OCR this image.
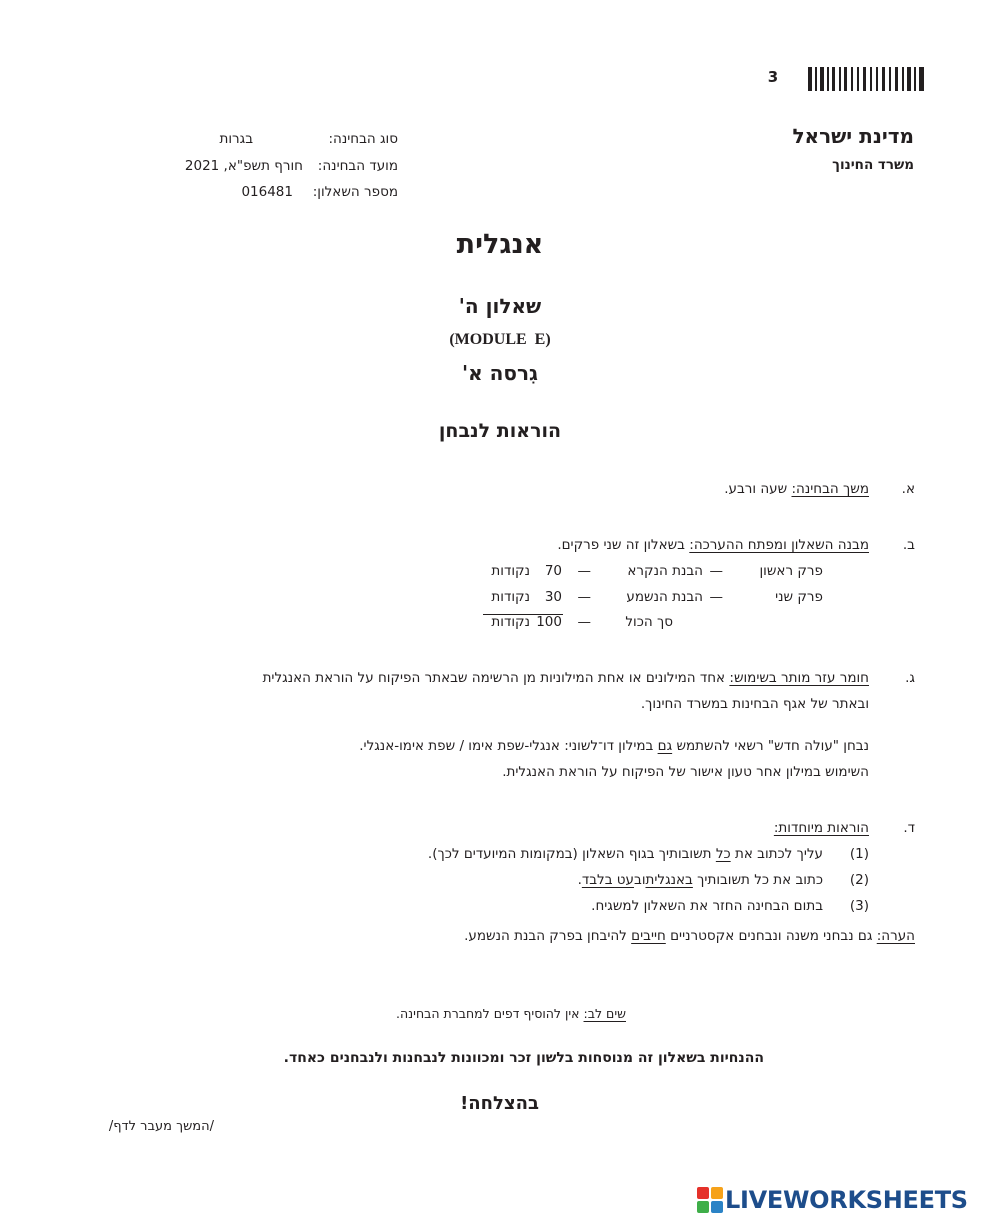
3
מדינת ישראל
משרד החינוך
סוג הבחינה:
בגרות
מועד הבחינה:
חורף תשפ"א, 2021
מספר השאלון:
016481
אנגלית
שאלון ה'
(MODULE  E)
גִרסה א'
הוראות לנבחן
א.
משך הבחינה: שעה ורבע.
ב.
מבנה השאלון ומפתח ההערכה: בשאלון זה שני פרקים.
פרק ראשון
—
הבנת הנקרא
—
70
נקודות
פרק שני
—
הבנת הנשמע
—
30
נקודות
סך הכול
—
100
נקודות
ג.
חומר עזר מותר בשימוש: אחד המילונים או אחת המילוניות מן הרשימה שבאתר הפיקוח על הוראת האנגלית
ובאתר של אגף הבחינות במשרד החינוך.
נבחן "עולה חדש" רשאי להשתמש גם במילון דו־לשוני: אנגלי-שפת אימו / שפת אימו-אנגלי.
השימוש במילון אחר טעון אישור של הפיקוח על הוראת האנגלית.
ד.
הוראות מיוחדות:
(1)
עליך לכתוב את כל תשובותיך בגוף השאלון (במקומות המיועדים לכך).
(2)
כתוב את כל תשובותיך באנגליתובעט בלבד.
(3)
בתום הבחינה החזר את השאלון למשגיח.
הערה: גם נבחני משנה ונבחנים אקסטרניים חייבים להיבחן בפרק הבנת הנשמע.
שים לב: אין להוסיף דפים למחברת הבחינה.
ההנחיות בשאלון זה מנוסחות בלשון זכר ומכוונות לנבחנות ולנבחנים כאחד.
בהצלחה!
/המשך מעבר לדף/
LIVEWORKSHEETS
